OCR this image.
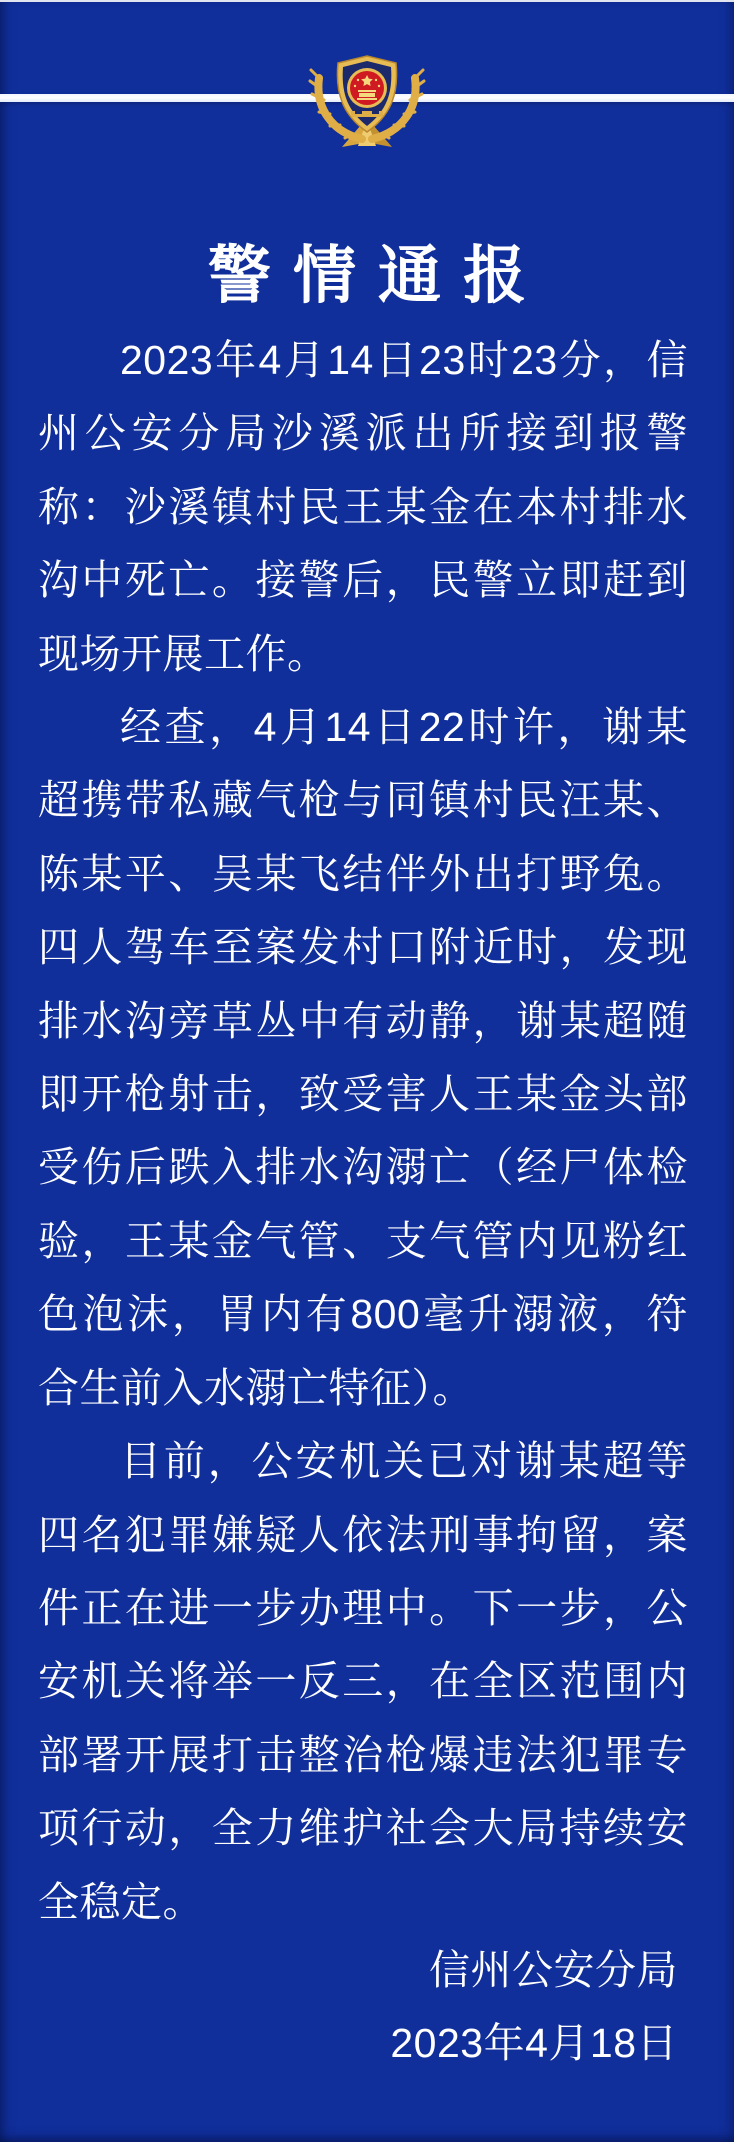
警情通报

2023年4月14日23时23分，信州公安分局沙溪派出所接到报警称：沙溪镇村民王某金在本村排水沟中死亡。接警后，民警立即赶到现场开展工作。

经查，4月14日22时许，谢某超携带私藏气枪与同镇村民汪某、陈某平、吴某飞结伴外出打野兔。四人驾车至案发村口附近时，发现排水沟旁草丛中有动静，谢某超随即开枪射击，致受害人王某金头部受伤后跌入排水沟溺亡（经尸体检验，王某金气管、支气管内见粉红色泡沫，胃内有800毫升溺液，符合生前入水溺亡特征）。

目前，公安机关已对谢某超等四名犯罪嫌疑人依法刑事拘留，案件正在进一步办理中。下一步，公安机关将举一反三，在全区范围内部署开展打击整治枪爆违法犯罪专项行动，全力维护社会大局持续安全稳定。

信州公安分局
2023年4月18日
